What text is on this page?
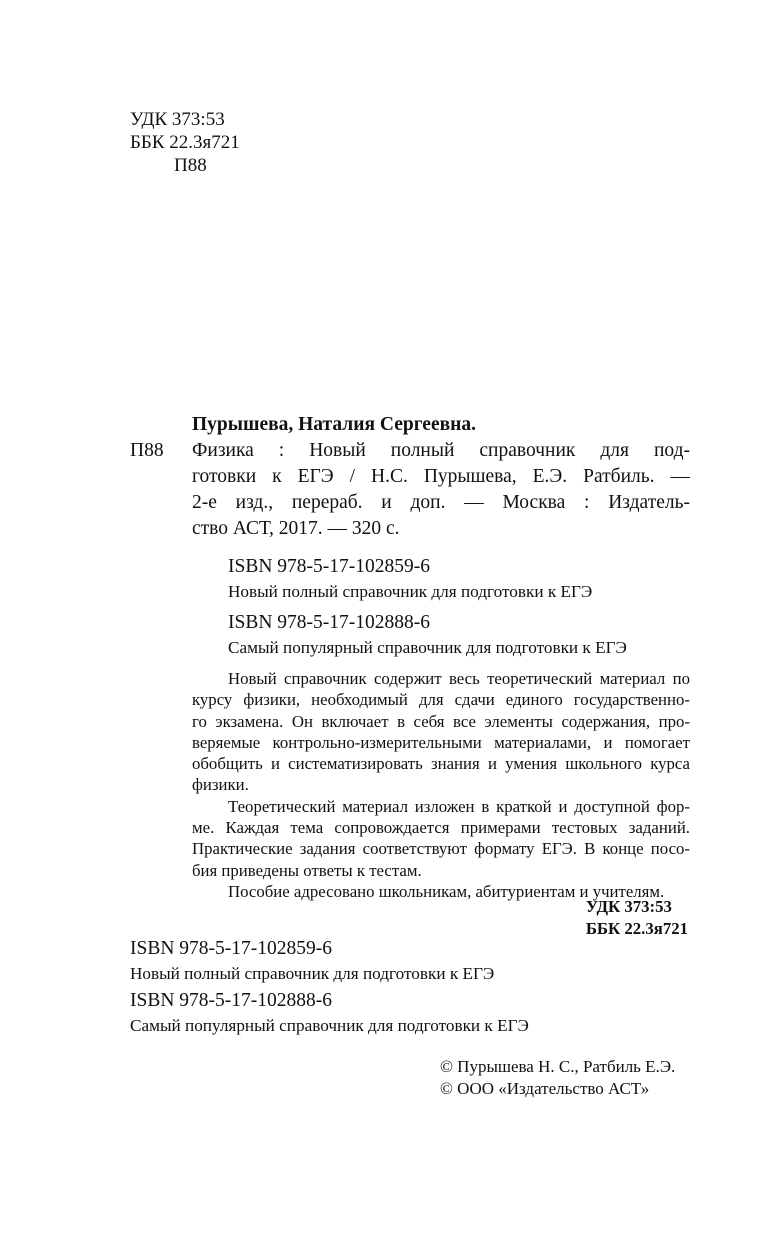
УДК 373:53
ББК 22.3я721
П88
Пурышева, Наталия Сергеевна.
П88 Физика : Новый полный справочник для под-
готовки к ЕГЭ / Н.С. Пурышева, Е.Э. Ратбиль. —
2-е изд., перераб. и доп. — Москва : Издатель-
ство АСТ, 2017. — 320 с.
ISBN 978-5-17-102859-6
Новый полный справочник для подготовки к ЕГЭ
ISBN 978-5-17-102888-6
Самый популярный справочник для подготовки к ЕГЭ
Новый справочник содержит весь теоретический материал по
курсу физики, необходимый для сдачи единого государственно-
го экзамена. Он включает в себя все элементы содержания, про-
веряемые контрольно-измерительными материалами, и помогает
обобщить и систематизировать знания и умения школьного курса
физики.
Теоретический материал изложен в краткой и доступной фор-
ме. Каждая тема сопровождается примерами тестовых заданий.
Практические задания соответствуют формату ЕГЭ. В конце посо-
бия приведены ответы к тестам.
Пособие адресовано школьникам, абитуриентам и учителям.
УДК 373:53
ББК 22.3я721
ISBN 978-5-17-102859-6
Новый полный справочник для подготовки к ЕГЭ
ISBN 978-5-17-102888-6
Самый популярный справочник для подготовки к ЕГЭ
© Пурышева Н. С., Ратбиль Е.Э.
© ООО «Издательство АСТ»
